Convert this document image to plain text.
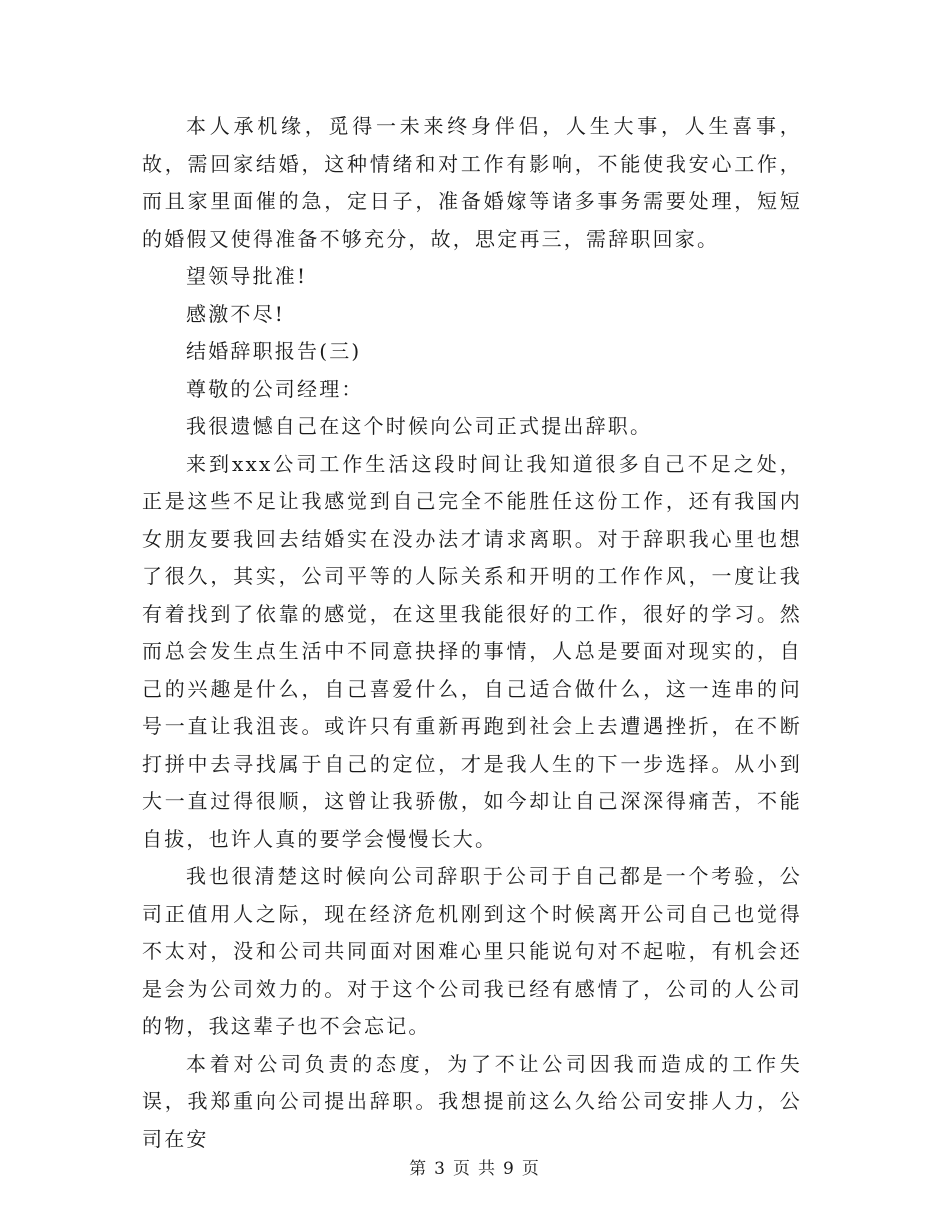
本人承机缘，觅得一未来终身伴侣，人生大事，人生喜事，故，需回家结婚，这种情绪和对工作有影响，不能使我安心工作，而且家里面催的急，定日子，准备婚嫁等诸多事务需要处理，短短的婚假又使得准备不够充分，故，思定再三，需辞职回家。

望领导批准!

感激不尽!

结婚辞职报告(三)

尊敬的公司经理：

我很遗憾自己在这个时候向公司正式提出辞职。

来到xxx公司工作生活这段时间让我知道很多自己不足之处，正是这些不足让我感觉到自己完全不能胜任这份工作，还有我国内女朋友要我回去结婚实在没办法才请求离职。对于辞职我心里也想了很久，其实，公司平等的人际关系和开明的工作作风，一度让我有着找到了依靠的感觉，在这里我能很好的工作，很好的学习。然而总会发生点生活中不同意抉择的事情，人总是要面对现实的，自己的兴趣是什么，自己喜爱什么，自己适合做什么，这一连串的问号一直让我沮丧。或许只有重新再跑到社会上去遭遇挫折，在不断打拼中去寻找属于自己的定位，才是我人生的下一步选择。从小到大一直过得很顺，这曾让我骄傲，如今却让自己深深得痛苦，不能自拔，也许人真的要学会慢慢长大。

我也很清楚这时候向公司辞职于公司于自己都是一个考验，公司正值用人之际，现在经济危机刚到这个时候离开公司自己也觉得不太对，没和公司共同面对困难心里只能说句对不起啦，有机会还是会为公司效力的。对于这个公司我已经有感情了，公司的人公司的物，我这辈子也不会忘记。

本着对公司负责的态度，为了不让公司因我而造成的工作失误，我郑重向公司提出辞职。我想提前这么久给公司安排人力，公司在安

第 3 页 共 9 页
